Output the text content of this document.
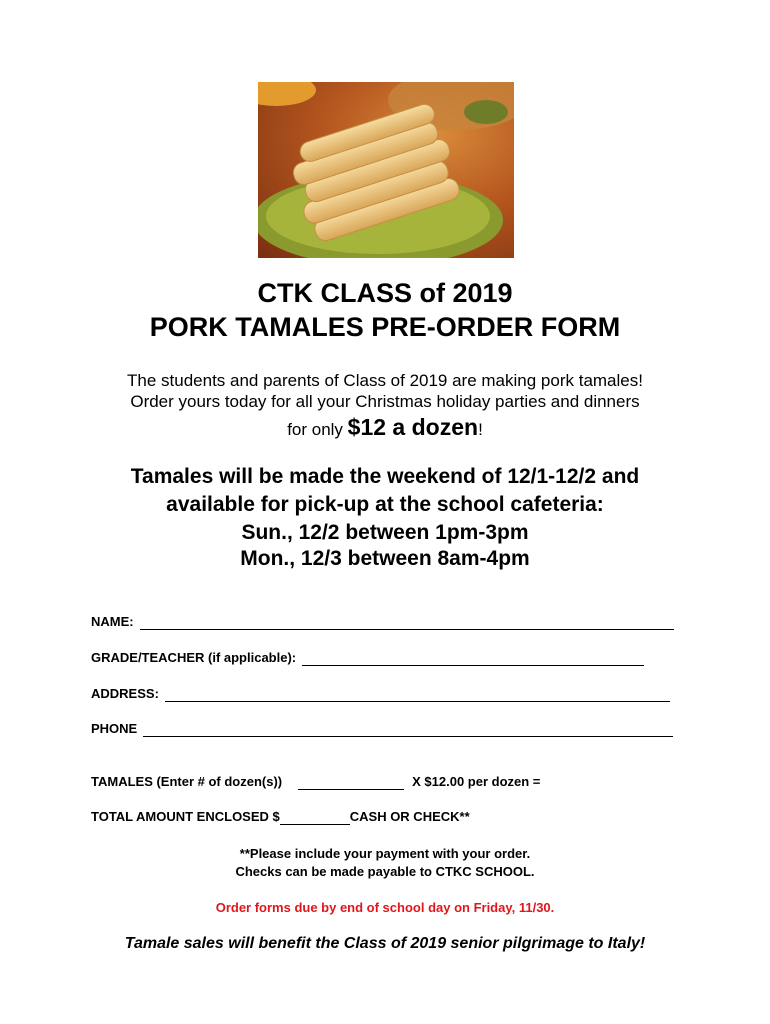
CTK CLASS of 2019
PORK TAMALES PRE-ORDER FORM
The students and parents of Class of 2019 are making pork tamales!
Order yours today for all your Christmas holiday parties and dinners
for only $12 a dozen!
Tamales will be made the weekend of 12/1-12/2 and
available for pick-up at the school cafeteria:
Sun., 12/2 between 1pm-3pm
Mon., 12/3 between 8am-4pm
NAME:
GRADE/TEACHER (if applicable):
ADDRESS:
PHONE
TAMALES (Enter # of dozen(s))	X $12.00 per dozen =
TOTAL AMOUNT ENCLOSED $	CASH OR CHECK**
**Please include your payment with your order.
Checks can be made payable to CTKC SCHOOL.
Order forms due by end of school day on Friday, 11/30.
Tamale sales will benefit the Class of 2019 senior pilgrimage to Italy!
